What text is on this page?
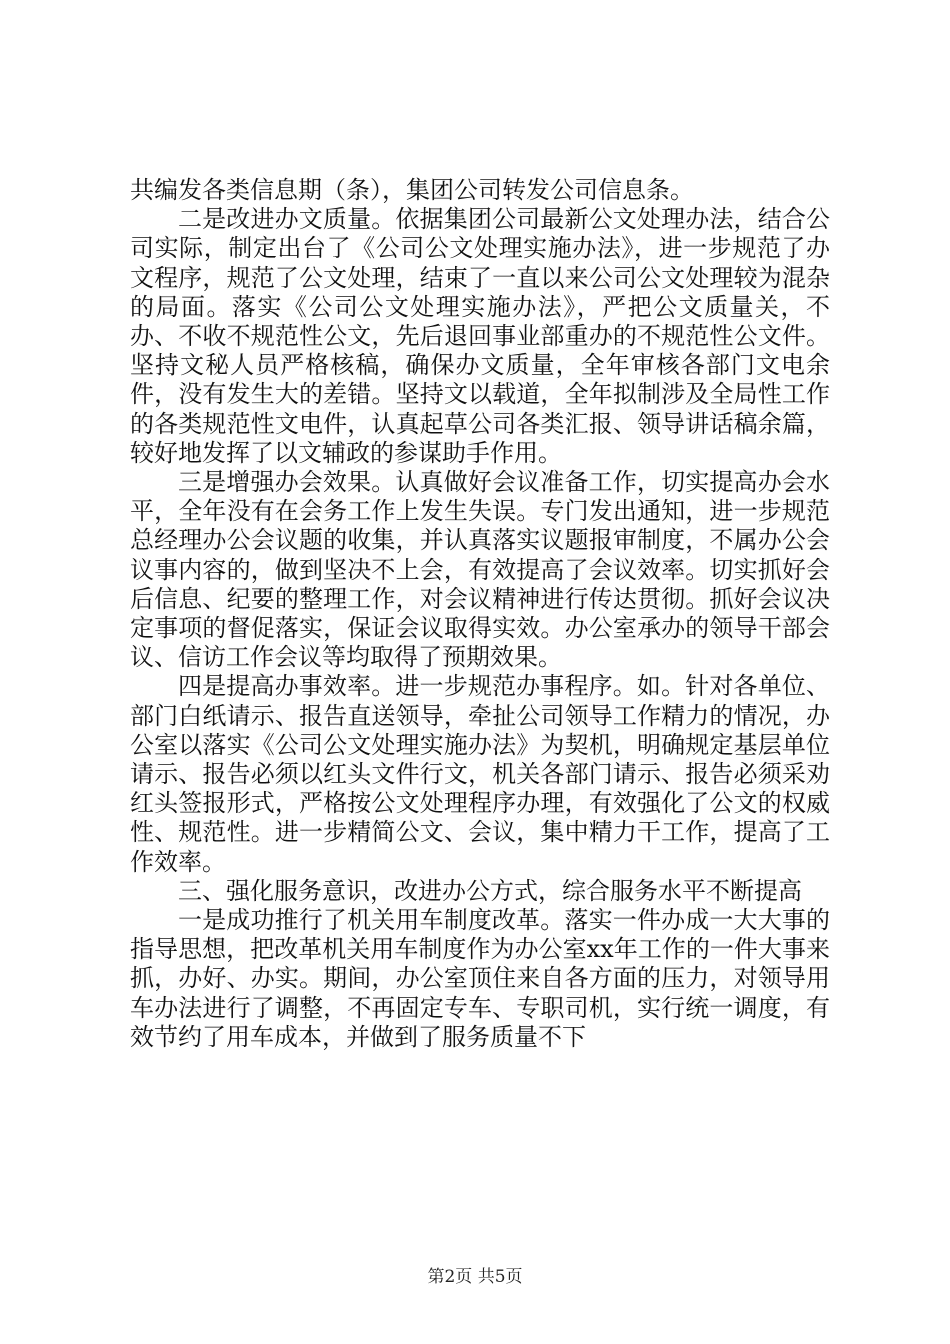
共编发各类信息期（条），集团公司转发公司信息条。

二是改进办文质量。依据集团公司最新公文处理办法，结合公司实际，制定出台了《公司公文处理实施办法》，进一步规范了办文程序，规范了公文处理，结束了一直以来公司公文处理较为混杂的局面。落实《公司公文处理实施办法》，严把公文质量关，不办、不收不规范性公文，先后退回事业部重办的不规范性公文件。坚持文秘人员严格核稿，确保办文质量，全年审核各部门文电余件，没有发生大的差错。坚持文以载道，全年拟制涉及全局性工作的各类规范性文电件，认真起草公司各类汇报、领导讲话稿余篇，较好地发挥了以文辅政的参谋助手作用。

三是增强办会效果。认真做好会议准备工作，切实提高办会水平，全年没有在会务工作上发生失误。专门发出通知，进一步规范总经理办公会议题的收集，并认真落实议题报审制度，不属办公会议事内容的，做到坚决不上会，有效提高了会议效率。切实抓好会后信息、纪要的整理工作，对会议精神进行传达贯彻。抓好会议决定事项的督促落实，保证会议取得实效。办公室承办的领导干部会议、信访工作会议等均取得了预期效果。

四是提高办事效率。进一步规范办事程序。如。针对各单位、部门白纸请示、报告直送领导，牵扯公司领导工作精力的情况，办公室以落实《公司公文处理实施办法》为契机，明确规定基层单位请示、报告必须以红头文件行文，机关各部门请示、报告必须采劝红头签报形式，严格按公文处理程序办理，有效强化了公文的权威性、规范性。进一步精简公文、会议，集中精力干工作，提高了工作效率。

三、强化服务意识，改进办公方式，综合服务水平不断提高

一是成功推行了机关用车制度改革。落实一件办成一大大事的指导思想，把改革机关用车制度作为办公室xx年工作的一件大事来抓，办好、办实。期间，办公室顶住来自各方面的压力，对领导用车办法进行了调整，不再固定专车、专职司机，实行统一调度，有效节约了用车成本，并做到了服务质量不下

第2页 共5页
